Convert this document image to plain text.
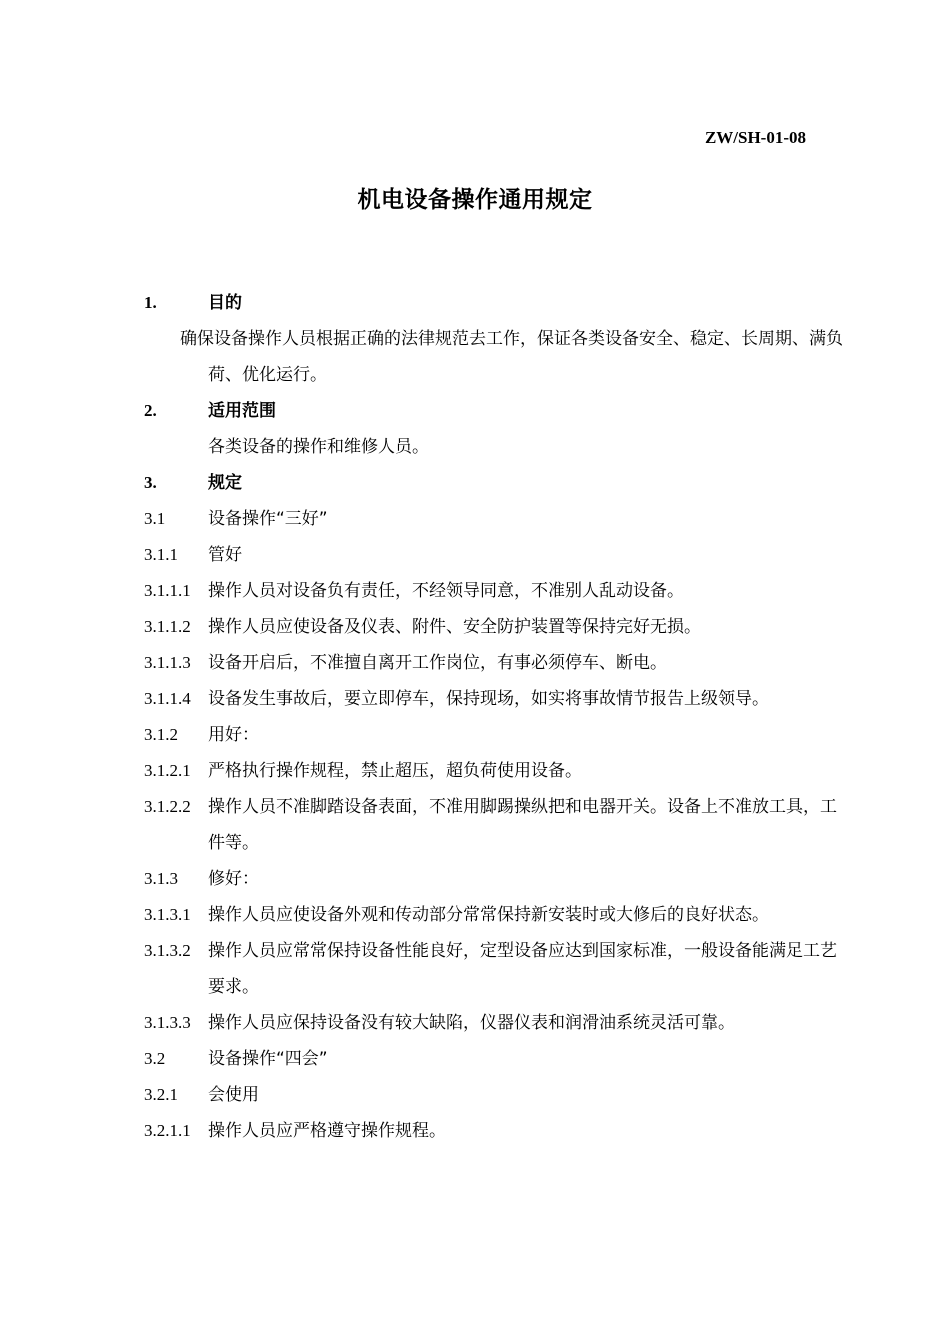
ZW/SH-01-08
机电设备操作通用规定
1.	目的
确保设备操作人员根据正确的法律规范去工作，保证各类设备安全、稳定、长周期、满负荷、优化运行。
2.	适用范围
各类设备的操作和维修人员。
3.	规定
3.1	设备操作“三好”
3.1.1	管好
3.1.1.1	操作人员对设备负有责任，不经领导同意，不准别人乱动设备。
3.1.1.2	操作人员应使设备及仪表、附件、安全防护装置等保持完好无损。
3.1.1.3	设备开启后，不准擅自离开工作岗位，有事必须停车、断电。
3.1.1.4	设备发生事故后，要立即停车，保持现场，如实将事故情节报告上级领导。
3.1.2	用好：
3.1.2.1	严格执行操作规程，禁止超压，超负荷使用设备。
3.1.2.2	操作人员不准脚踏设备表面，不准用脚踢操纵把和电器开关。设备上不准放工具，工件等。
3.1.3	修好：
3.1.3.1	操作人员应使设备外观和传动部分常常保持新安装时或大修后的良好状态。
3.1.3.2	操作人员应常常保持设备性能良好，定型设备应达到国家标准，一般设备能满足工艺要求。
3.1.3.3	操作人员应保持设备没有较大缺陷，仪器仪表和润滑油系统灵活可靠。
3.2	设备操作“四会”
3.2.1	会使用
3.2.1.1	操作人员应严格遵守操作规程。
